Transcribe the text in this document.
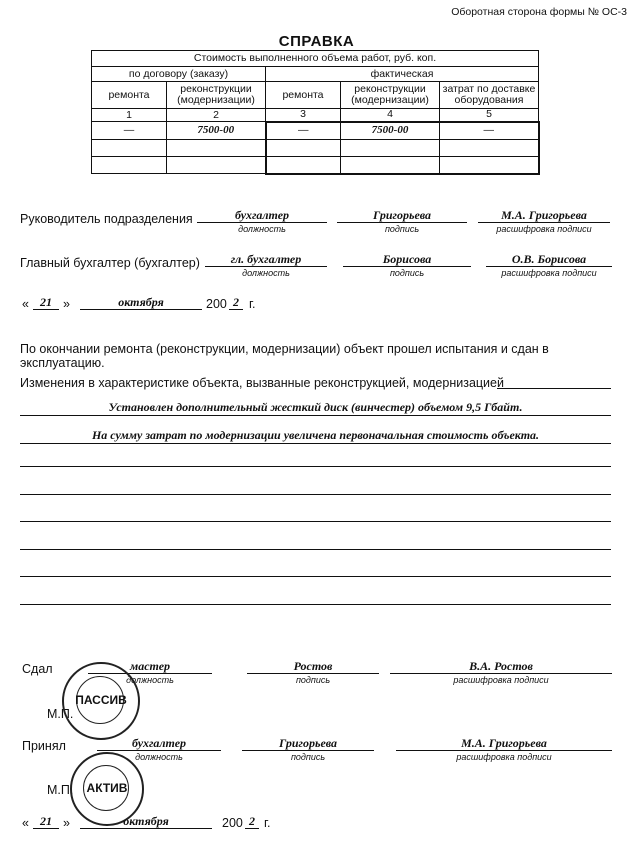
Оборотная сторона формы № ОС-3
СПРАВКА
Стоимость выполненного объема работ, руб. коп.				
по договору (заказу)		фактическая		
ремонта	реконструкции (модернизации)	ремонта	реконструкции (модернизации)	затрат по доставке оборудования
1	2	3	4	5
—	7500-00	—	7500-00	—

Руководитель подразделения	бухгалтер	Григорьева	М.А. Григорьева
должность	подпись	расшифровка подписи
Главный бухгалтер (бухгалтер)	гл. бухгалтер	Борисова	О.В. Борисова
должность	подпись	расшифровка подписи
« 21 »	октября	200 2 г.
По окончании ремонта (реконструкции, модернизации) объект прошел испытания и сдан в эксплуатацию.
Изменения в характеристике объекта, вызванные реконструкцией, модернизацией
Установлен дополнительный жесткий диск (винчестер) объемом 9,5 Гбайт.
На сумму затрат по модернизации увеличена первоначальная стоимость объекта.
Сдал	мастер	Ростов	В.А. Ростов
должность	подпись	расшифровка подписи
М.П.
ПАССИВ
Принял	бухгалтер	Григорьева	М.А. Григорьева
должность	подпись	расшифровка подписи
М.П.	АКТИВ
« 21 »	октября	200 2 г.
